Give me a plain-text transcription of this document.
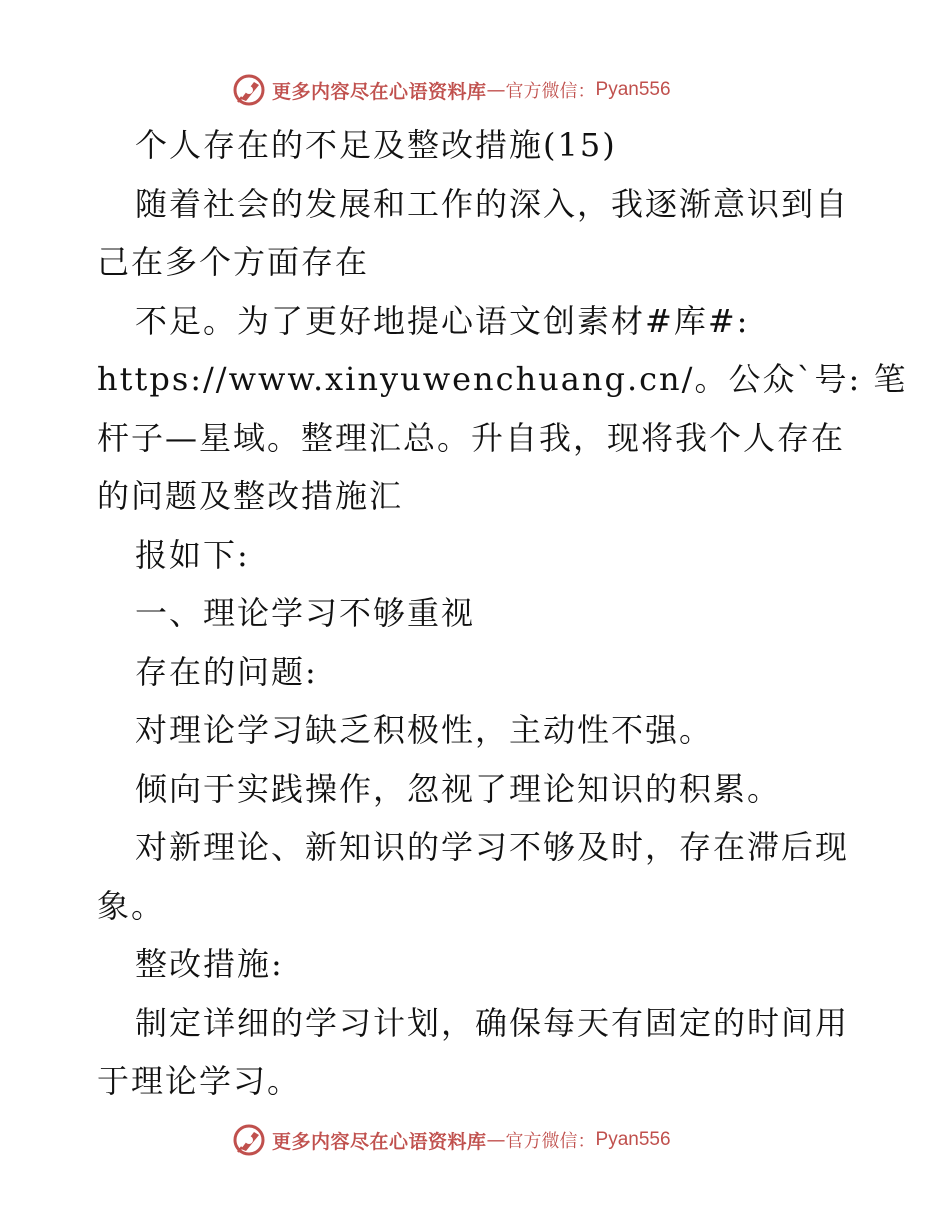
更多内容尽在心语资料库 — 官方微信： Pyan556
个人存在的不足及整改措施(15)
随着社会的发展和工作的深入，我逐渐意识到自
己在多个方面存在
不足。为了更好地提心语文创素材#库#:
https://www.xinyuwenchuang.cn/。公众`号: 笔
杆子—星域。整理汇总。升自我，现将我个人存在
的问题及整改措施汇
报如下:
一、理论学习不够重视
存在的问题:
对理论学习缺乏积极性，主动性不强。
倾向于实践操作，忽视了理论知识的积累。
对新理论、新知识的学习不够及时，存在滞后现
象。
整改措施:
制定详细的学习计划，确保每天有固定的时间用
于理论学习。
更多内容尽在心语资料库 — 官方微信： Pyan556
